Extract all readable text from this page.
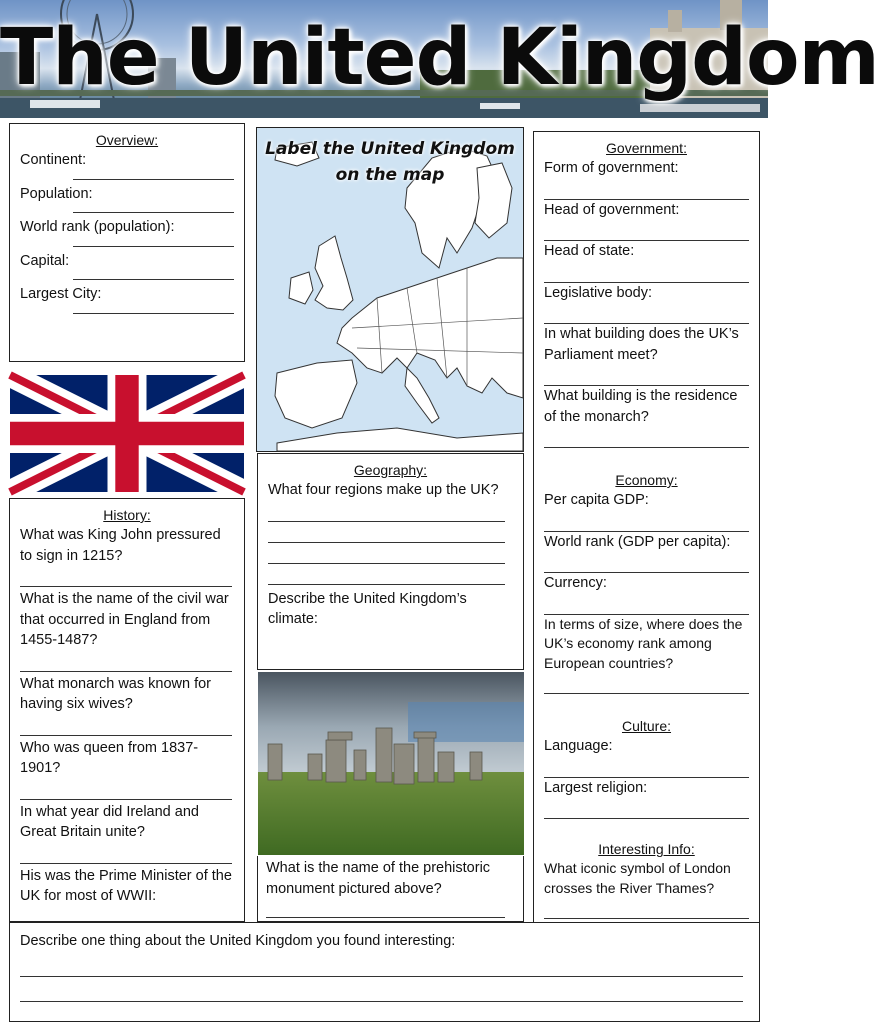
The United Kingdom

Overview:

Continent:

Population:

World rank (population):

Capital:

Largest City:

History:

What was King John pressured to sign in 1215?

What is the name of the civil war that occurred in England from 1455-1487?

What monarch was known for having six wives?

Who was queen from 1837-1901?

In what year did Ireland and Great Britain unite?

His was the Prime Minister of the UK for most of WWII:

Label the United Kingdom on the map

Geography:

What four regions make up the UK?

Describe the United Kingdom’s climate:

What is the name of the prehistoric monument pictured above?

Government:

Form of government:

Head of government:

Head of state:

Legislative body:

In what building does the UK’s Parliament meet?

What building is the residence of the monarch?

Economy:

Per capita GDP:

World rank (GDP per capita):

Currency:

In terms of size, where does the UK’s economy rank among European countries?

Culture:

Language:

Largest religion:

Interesting Info:

What iconic symbol of London crosses the River Thames?

Describe one thing about the United Kingdom you found interesting:
